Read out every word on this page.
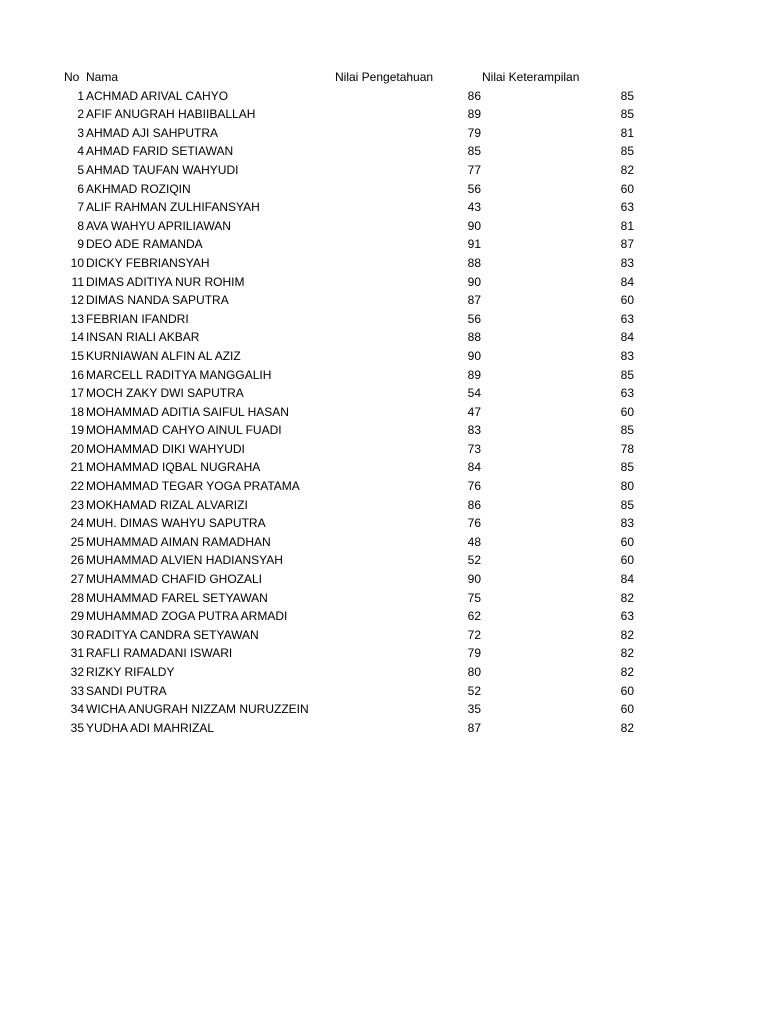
No Nama	Nilai Pengetahuan	Nilai Keterampilan
1 ACHMAD ARIVAL CAHYO	86	85
2 AFIF ANUGRAH HABIIBALLAH	89	85
3 AHMAD AJI SAHPUTRA	79	81
4 AHMAD FARID SETIAWAN	85	85
5 AHMAD TAUFAN WAHYUDI	77	82
6 AKHMAD ROZIQIN	56	60
7 ALIF RAHMAN ZULHIFANSYAH	43	63
8 AVA WAHYU APRILIAWAN	90	81
9 DEO ADE RAMANDA	91	87
10 DICKY FEBRIANSYAH	88	83
11 DIMAS ADITIYA NUR ROHIM	90	84
12 DIMAS NANDA SAPUTRA	87	60
13 FEBRIAN IFANDRI	56	63
14 INSAN RIALI AKBAR	88	84
15 KURNIAWAN ALFIN AL AZIZ	90	83
16 MARCELL RADITYA MANGGALIH	89	85
17 MOCH ZAKY DWI SAPUTRA	54	63
18 MOHAMMAD ADITIA SAIFUL HASAN	47	60
19 MOHAMMAD CAHYO AINUL FUADI	83	85
20 MOHAMMAD DIKI WAHYUDI	73	78
21 MOHAMMAD IQBAL NUGRAHA	84	85
22 MOHAMMAD TEGAR YOGA PRATAMA	76	80
23 MOKHAMAD RIZAL ALVARIZI	86	85
24 MUH. DIMAS WAHYU SAPUTRA	76	83
25 MUHAMMAD AIMAN RAMADHAN	48	60
26 MUHAMMAD ALVIEN HADIANSYAH	52	60
27 MUHAMMAD CHAFID GHOZALI	90	84
28 MUHAMMAD FAREL SETYAWAN	75	82
29 MUHAMMAD ZOGA PUTRA ARMADI	62	63
30 RADITYA CANDRA SETYAWAN	72	82
31 RAFLI RAMADANI ISWARI	79	82
32 RIZKY RIFALDY	80	82
33 SANDI PUTRA	52	60
34 WICHA ANUGRAH NIZZAM NURUZZEIN	35	60
35 YUDHA ADI MAHRIZAL	87	82
